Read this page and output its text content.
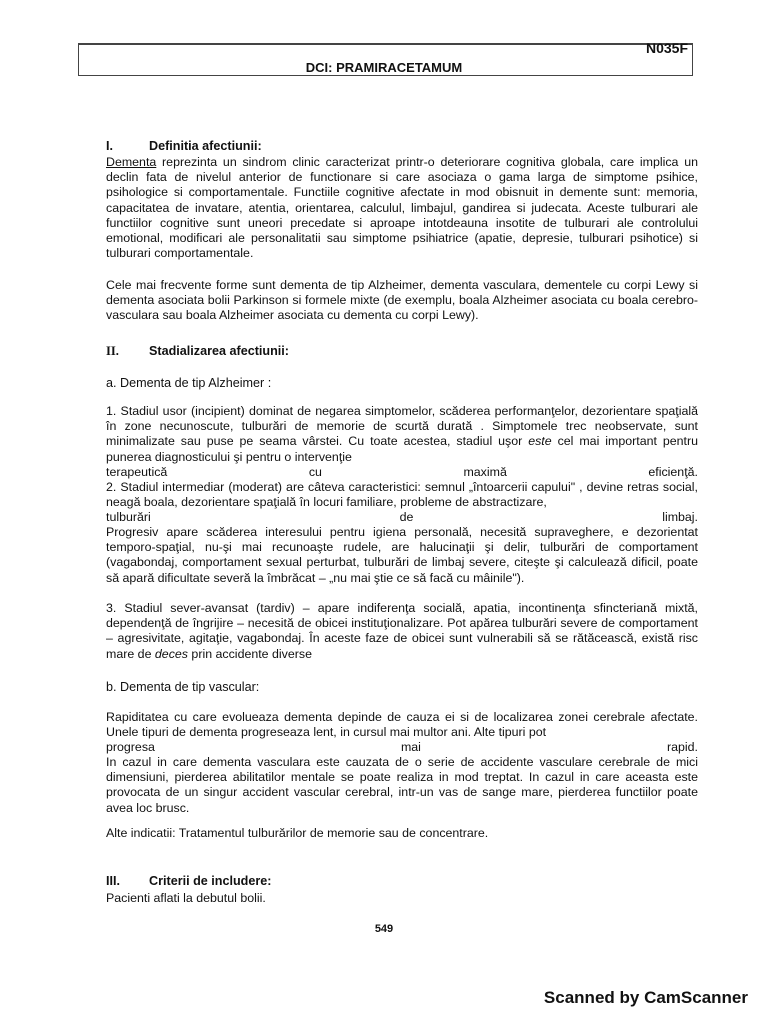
N035F
DCI: PRAMIRACETAMUM
I.	Definitia afectiunii:
Dementa reprezinta un sindrom clinic caracterizat printr-o deteriorare cognitiva globala, care implica un declin fata de nivelul anterior de functionare si care asociaza o gama larga de simptome psihice, psihologice si comportamentale. Functiile cognitive afectate in mod obisnuit in demente sunt: memoria, capacitatea de invatare, atentia, orientarea, calculul, limbajul, gandirea si judecata. Aceste tulburari ale functiilor cognitive sunt uneori precedate si aproape intotdeauna insotite de tulburari ale controlului emotional, modificari ale personalitatii sau simptome psihiatrice (apatie, depresie, tulburari psihotice) si tulburari comportamentale.
Cele mai frecvente forme sunt dementa de tip Alzheimer, dementa vasculara, dementele cu corpi Lewy si dementa asociata bolii Parkinson si formele mixte (de exemplu, boala Alzheimer asociata cu boala cerebro-vasculara sau boala Alzheimer asociata cu dementa cu corpi Lewy).
II. Stadializarea afectiunii:
a. Dementa de tip Alzheimer :
1. Stadiul usor (incipient) dominat de negarea simptomelor, scăderea performanţelor, dezorientare spaţială în zone necunoscute, tulburări de memorie de scurtă durată . Simptomele trec neobservate, sunt minimalizate sau puse pe seama vârstei. Cu toate acestea, stadiul uşor este cel mai important pentru punerea diagnosticului şi pentru o intervenţie
terapeutică	cu	maximă	eficienţă.
2. Stadiul intermediar (moderat) are câteva caracteristici: semnul „întoarcerii capului" , devine retras social, neagă boala, dezorientare spaţială în locuri familiare, probleme de abstractizare,
tulburări	de	limbaj.
Progresiv apare scăderea interesului pentru igiena personală, necesită supraveghere, e dezorientat temporo-spaţial, nu-şi mai recunoaşte rudele, are halucinaţii şi delir, tulburări de comportament (vagabondaj, comportament sexual perturbat, tulburări de limbaj severe, citeşte şi calculează dificil, poate să apară dificultate severă la îmbrăcat – „nu mai ştie ce să facă cu mâinile").
3. Stadiul sever-avansat (tardiv) – apare indiferenţa socială, apatia, incontinenţa sfincteriană mixtă, dependenţă de îngrijire – necesită de obicei instituţionalizare. Pot apărea tulburări severe de comportament – agresivitate, agitaţie, vagabondaj. În aceste faze de obicei sunt vulnerabili să se rătăcească, există risc mare de deces prin accidente diverse
b. Dementa de tip vascular:
Rapiditatea cu care evolueaza dementa depinde de cauza ei si de localizarea zonei cerebrale afectate. Unele tipuri de dementa progreseaza lent, in cursul mai multor ani. Alte tipuri pot
progresa	mai	rapid.
In cazul in care dementa vasculara este cauzata de o serie de accidente vasculare cerebrale de mici dimensiuni, pierderea abilitatilor mentale se poate realiza in mod treptat. In cazul in care aceasta este provocata de un singur accident vascular cerebral, intr-un vas de sange mare, pierderea functiilor poate avea loc brusc.
Alte indicatii: Tratamentul tulburărilor de memorie sau de concentrare.
III. Criterii de includere:
Pacienti aflati la debutul bolii.
549
Scanned by CamScanner
